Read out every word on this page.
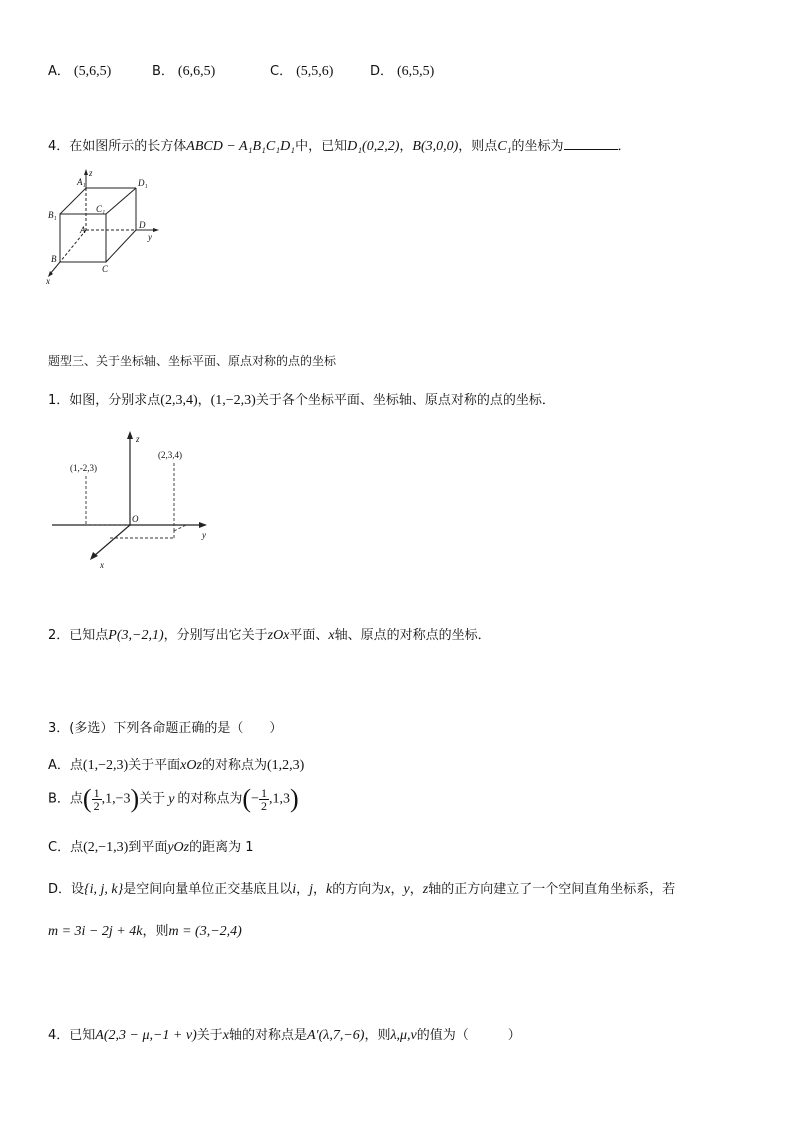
A． (5,6,5)	B． (6,6,5)	C． (5,5,6)	D． (6,5,5)
4．在如图所示的长方体ABCD − A₁B₁C₁D₁中，已知D₁(0,2,2)，B(3,0,0)，则点C₁的坐标为	．
z
A₁	D₁
B₁
C₁
A	D
y
B
C
x
题型三、关于坐标轴、坐标平面、原点对称的点的坐标
1．如图，分别求点(2,3,4)，(1,−2,3)关于各个坐标平面、坐标轴、原点对称的点的坐标．
z
O
y
x
(1,-2,3)
(2,3,4)
2．已知点P(3,−2,1)，分别写出它关于zOx平面、x轴、原点的对称点的坐标．
3．(多选）下列各命题正确的是（　　）
A．点(1,−2,3)关于平面xOz的对称点为(1,2,3)
B．点( $\frac{1}{2} ,1,-3$)关于 y 的对称点为(− $\frac{1}{2} ,1,3$)
C．点(2,−1,3)到平面yOz的距离为 1
D．设{i, j, k}是空间向量单位正交基底且以i，j，k的方向为x，y，z轴的正方向建立了一个空间直角坐标系，若
m = 3i − 2j + 4k，则m = (3,−2,4)
4．已知A(2,3 − μ,−1 + v)关于x轴的对称点是A′(λ,7,−6)，则λ,μ,v的值为（　　　）
